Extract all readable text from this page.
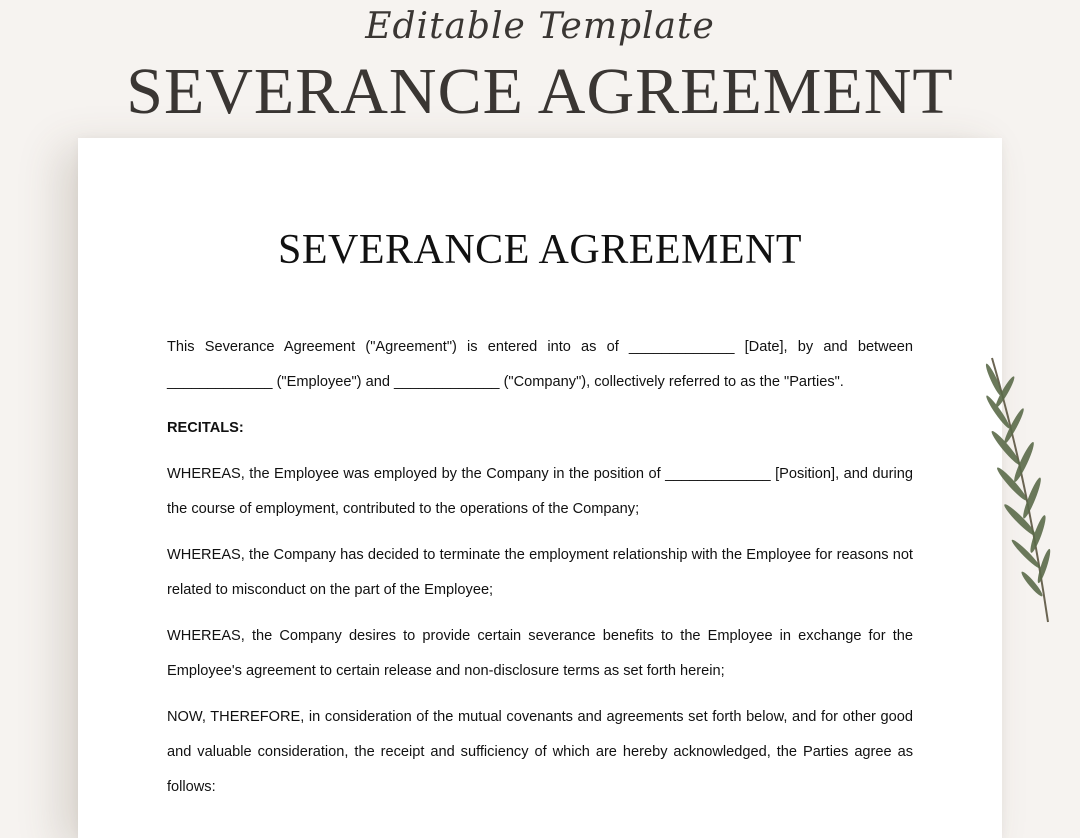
Editable Template
SEVERANCE AGREEMENT
SEVERANCE AGREEMENT

This Severance Agreement ("Agreement") is entered into as of _____________ [Date], by and between _____________ ("Employee") and _____________ ("Company"), collectively referred to as the "Parties".

RECITALS:

WHEREAS, the Employee was employed by the Company in the position of _____________ [Position], and during the course of employment, contributed to the operations of the Company;

WHEREAS, the Company has decided to terminate the employment relationship with the Employee for reasons not related to misconduct on the part of the Employee;

WHEREAS, the Company desires to provide certain severance benefits to the Employee in exchange for the Employee's agreement to certain release and non-disclosure terms as set forth herein;

NOW, THEREFORE, in consideration of the mutual covenants and agreements set forth below, and for other good and valuable consideration, the receipt and sufficiency of which are hereby acknowledged, the Parties agree as follows:
